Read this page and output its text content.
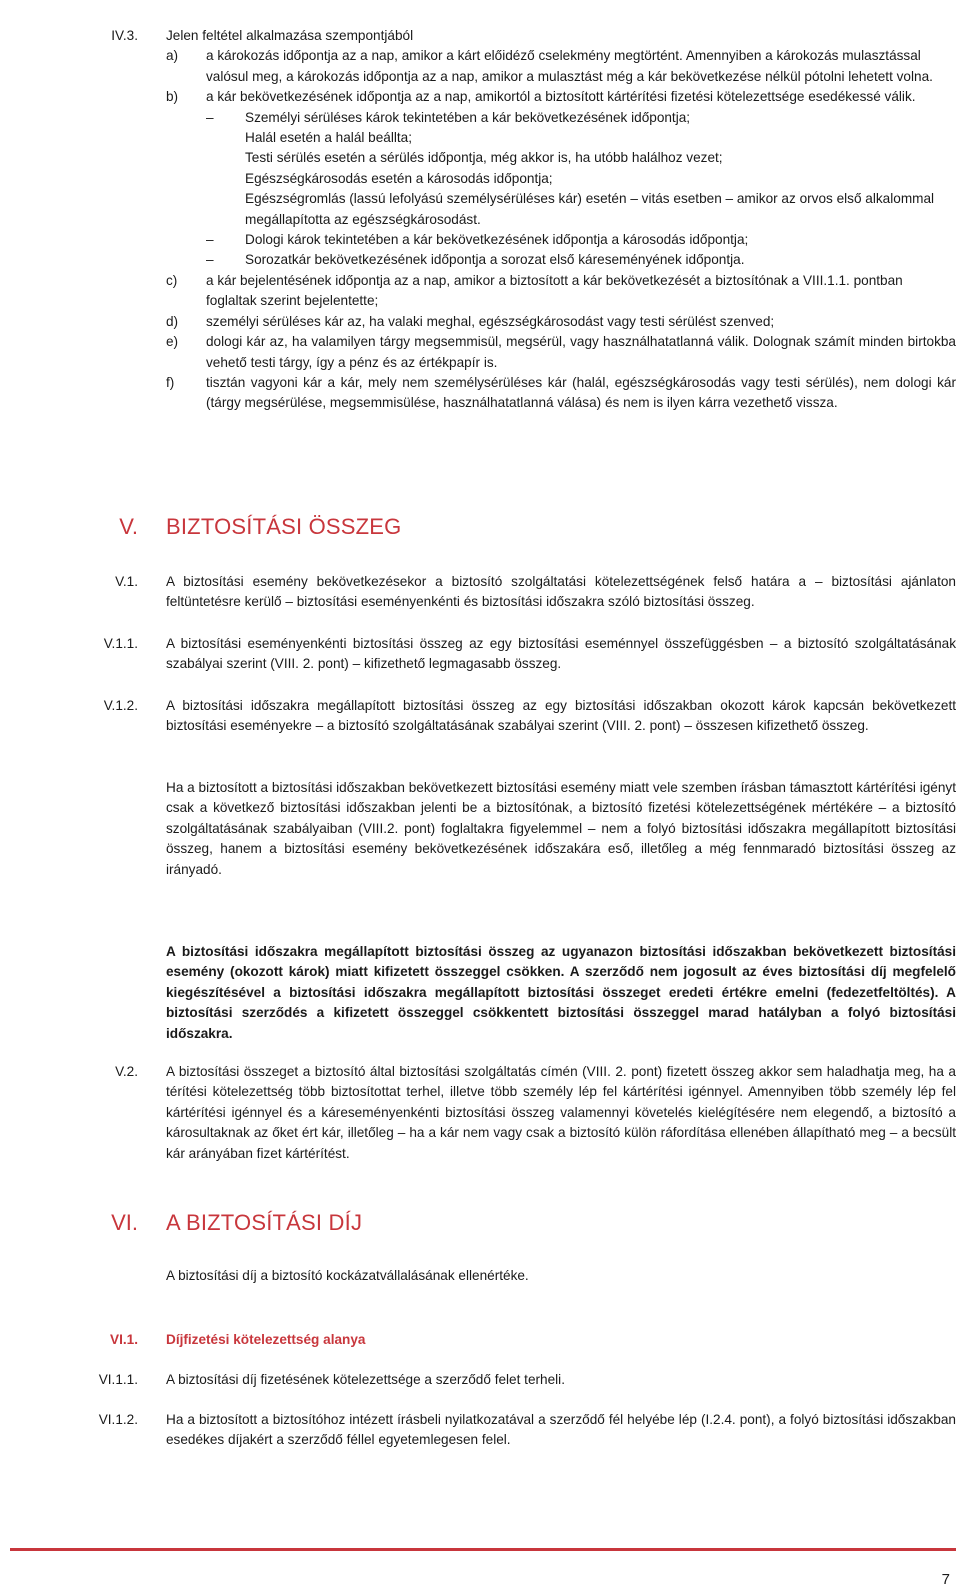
IV.3. Jelen feltétel alkalmazása szempontjából
a) a károkozás időpontja az a nap, amikor a kárt előidéző cselekmény megtörtént. Amennyiben a károkozás mulasztással valósul meg, a károkozás időpontja az a nap, amikor a mulasztást még a kár bekövetkezése nélkül pótolni lehetett volna.
b) a kár bekövetkezésének időpontja az a nap, amikortól a biztosított kártérítési fizetési kötelezettsége esedékessé válik.
– Személyi sérüléses károk tekintetében a kár bekövetkezésének időpontja;
Halál esetén a halál beállta;
Testi sérülés esetén a sérülés időpontja, még akkor is, ha utóbb halálhoz vezet;
Egészségkárosodás esetén a károsodás időpontja;
Egészségromlás (lassú lefolyású személysérüléses kár) esetén – vitás esetben – amikor az orvos első alkalommal megállapította az egészségkárosodást.
– Dologi károk tekintetében a kár bekövetkezésének időpontja a károsodás időpontja;
– Sorozatkár bekövetkezésének időpontja a sorozat első káreseményének időpontja.
c) a kár bejelentésének időpontja az a nap, amikor a biztosított a kár bekövetkezését a biztosítónak a VIII.1.1. pontban foglaltak szerint bejelentette;
d) személyi sérüléses kár az, ha valaki meghal, egészségkárosodást vagy testi sérülést szenved;
e) dologi kár az, ha valamilyen tárgy megsemmisül, megsérül, vagy használhatatlanná válik. Dolognak számít minden birtokba vehető testi tárgy, így a pénz és az értékpapír is.
f) tisztán vagyoni kár a kár, mely nem személysérüléses kár (halál, egészségkárosodás vagy testi sérülés), nem dologi kár (tárgy megsérülése, megsemmisülése, használhatatlanná válása) és nem is ilyen kárra vezethető vissza.
V. BIZTOSÍTÁSI ÖSSZEG
V.1. A biztosítási esemény bekövetkezésekor a biztosító szolgáltatási kötelezettségének felső határa a – biztosítási ajánlaton feltüntetésre kerülő – biztosítási eseményenkénti és biztosítási időszakra szóló biztosítási összeg.
V.1.1. A biztosítási eseményenkénti biztosítási összeg az egy biztosítási eseménnyel összefüggésben – a biztosító szolgáltatásának szabályai szerint (VIII. 2. pont) – kifizethető legmagasabb összeg.
V.1.2. A biztosítási időszakra megállapított biztosítási összeg az egy biztosítási időszakban okozott károk kapcsán bekövetkezett biztosítási eseményekre – a biztosító szolgáltatásának szabályai szerint (VIII. 2. pont) – összesen kifizethető összeg.
Ha a biztosított a biztosítási időszakban bekövetkezett biztosítási esemény miatt vele szemben írásban támasztott kártérítési igényt csak a következő biztosítási időszakban jelenti be a biztosítónak, a biztosító fizetési kötelezettségének mértékére – a biztosító szolgáltatásának szabályaiban (VIII.2. pont) foglaltakra figyelemmel – nem a folyó biztosítási időszakra megállapított biztosítási összeg, hanem a biztosítási esemény bekövetkezésének időszakára eső, illetőleg a még fennmaradó biztosítási összeg az irányadó.
A biztosítási időszakra megállapított biztosítási összeg az ugyanazon biztosítási időszakban bekövetkezett biztosítási esemény (okozott károk) miatt kifizetett összeggel csökken. A szerződő nem jogosult az éves biztosítási díj megfelelő kiegészítésével a biztosítási időszakra megállapított biztosítási összeget eredeti értékre emelni (fedezetfeltöltés). A biztosítási szerződés a kifizetett összeggel csökkentett biztosítási összeggel marad hatályban a folyó biztosítási időszakra.
V.2. A biztosítási összeget a biztosító által biztosítási szolgáltatás címén (VIII. 2. pont) fizetett összeg akkor sem haladhatja meg, ha a térítési kötelezettség több biztosítottat terhel, illetve több személy lép fel kártérítési igénnyel. Amennyiben több személy lép fel kártérítési igénnyel és a káreseményenkénti biztosítási összeg valamennyi követelés kielégítésére nem elegendő, a biztosító a károsultaknak az őket ért kár, illetőleg – ha a kár nem vagy csak a biztosító külön ráfordítása ellenében állapítható meg – a becsült kár arányában fizet kártérítést.
VI. A BIZTOSÍTÁSI DÍJ
A biztosítási díj a biztosító kockázatvállalásának ellenértéke.
VI.1. Díjfizetési kötelezettség alanya
VI.1.1. A biztosítási díj fizetésének kötelezettsége a szerződő felet terheli.
VI.1.2. Ha a biztosított a biztosítóhoz intézett írásbeli nyilatkozatával a szerződő fél helyébe lép (I.2.4. pont), a folyó biztosítási időszakban esedékes díjakért a szerződő féllel egyetemlegesen felel.
7
